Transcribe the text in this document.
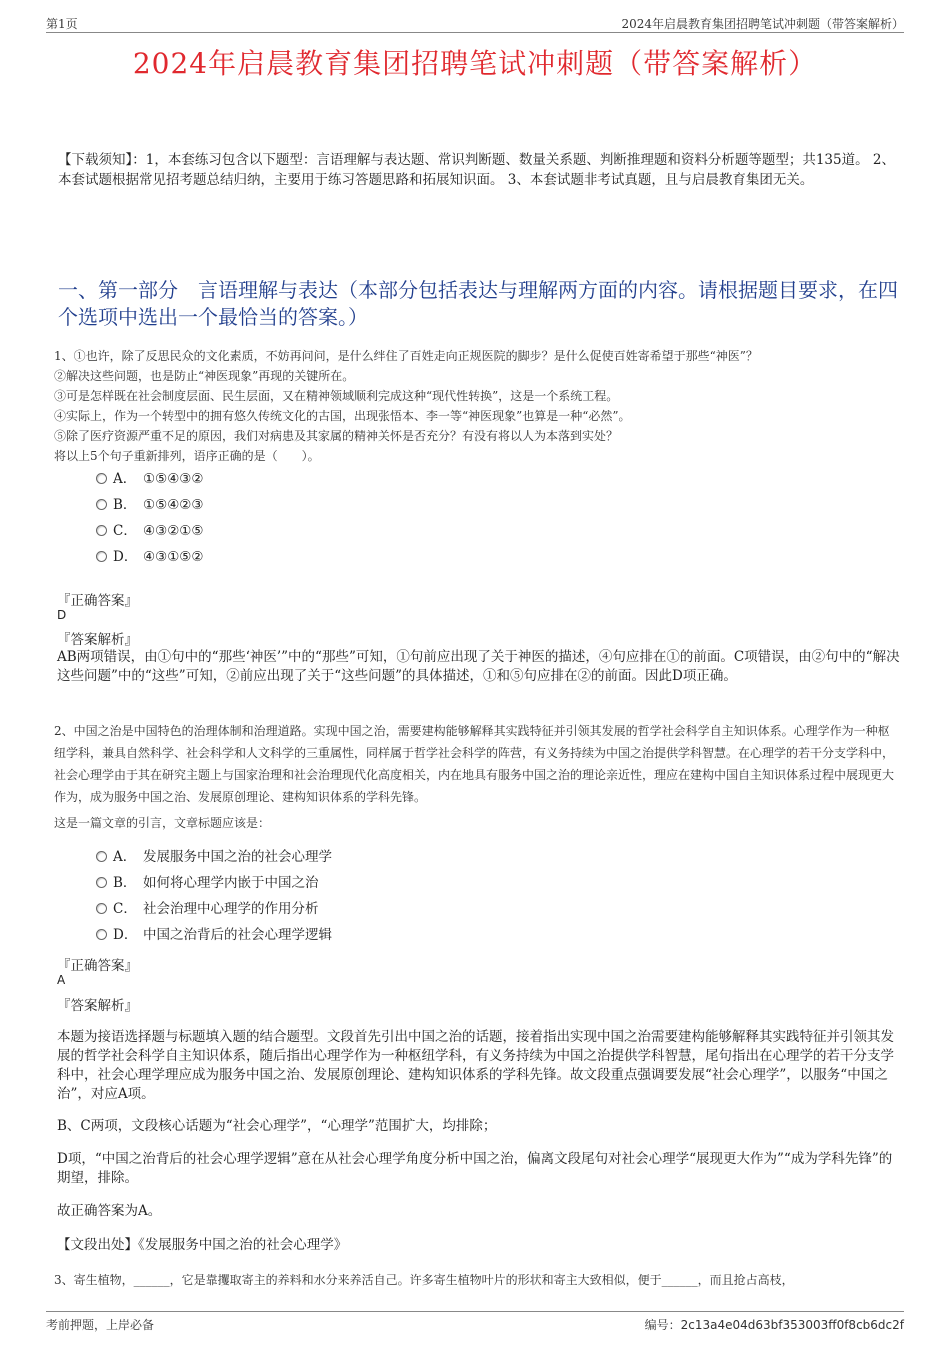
第1页	2024年启晨教育集团招聘笔试冲刺题（带答案解析）
2024年启晨教育集团招聘笔试冲刺题（带答案解析）
【下载须知】：1，本套练习包含以下题型：言语理解与表达题、常识判断题、数量关系题、判断推理题和资料分析题等题型；共135道。 2、本套试题根据常见招考题总结归纳，主要用于练习答题思路和拓展知识面。 3、本套试题非考试真题，且与启晨教育集团无关。
一、第一部分　言语理解与表达（本部分包括表达与理解两方面的内容。请根据题目要求，在四个选项中选出一个最恰当的答案。）
1、①也许，除了反思民众的文化素质，不妨再问问，是什么绊住了百姓走向正规医院的脚步？是什么促使百姓寄希望于那些“神医”？
②解决这些问题，也是防止“神医现象”再现的关键所在。
③可是怎样既在社会制度层面、民生层面，又在精神领域顺利完成这种“现代性转换”，这是一个系统工程。
④实际上，作为一个转型中的拥有悠久传统文化的古国，出现张悟本、李一等“神医现象”也算是一种“必然”。
⑤除了医疗资源严重不足的原因，我们对病患及其家属的精神关怀是否充分？有没有将以人为本落到实处？
将以上5个句子重新排列，语序正确的是（　　）。
A． ①⑤④③②
B． ①⑤④②③
C． ④③②①⑤
D． ④③①⑤②
『正确答案』
D
『答案解析』
AB两项错误，由①句中的“那些‘神医’”中的“那些”可知，①句前应出现了关于神医的描述，④句应排在①的前面。C项错误，由②句中的“解决这些问题”中的“这些”可知，②前应出现了关于“这些问题”的具体描述，①和⑤句应排在②的前面。因此D项正确。
2、中国之治是中国特色的治理体制和治理道路。实现中国之治，需要建构能够解释其实践特征并引领其发展的哲学社会科学自主知识体系。心理学作为一种枢纽学科，兼具自然科学、社会科学和人文科学的三重属性，同样属于哲学社会科学的阵营，有义务持续为中国之治提供学科智慧。在心理学的若干分支学科中，社会心理学由于其在研究主题上与国家治理和社会治理现代化高度相关，内在地具有服务中国之治的理论亲近性，理应在建构中国自主知识体系过程中展现更大作为，成为服务中国之治、发展原创理论、建构知识体系的学科先锋。
这是一篇文章的引言，文章标题应该是：
A． 发展服务中国之治的社会心理学
B． 如何将心理学内嵌于中国之治
C． 社会治理中心理学的作用分析
D． 中国之治背后的社会心理学逻辑
『正确答案』
A
『答案解析』
本题为接语选择题与标题填入题的结合题型。文段首先引出中国之治的话题，接着指出实现中国之治需要建构能够解释其实践特征并引领其发展的哲学社会科学自主知识体系，随后指出心理学作为一种枢纽学科，有义务持续为中国之治提供学科智慧，尾句指出在心理学的若干分支学科中，社会心理学理应成为服务中国之治、发展原创理论、建构知识体系的学科先锋。故文段重点强调要发展“社会心理学”，以服务“中国之治”，对应A项。
B、C两项，文段核心话题为“社会心理学”，“心理学”范围扩大，均排除；
D项，“中国之治背后的社会心理学逻辑”意在从社会心理学角度分析中国之治，偏离文段尾句对社会心理学“展现更大作为”“成为学科先锋”的期望，排除。
故正确答案为A。
【文段出处】《发展服务中国之治的社会心理学》
3、寄生植物，______，它是靠攫取寄主的养料和水分来养活自己。许多寄生植物叶片的形状和寄主大致相似，便于______，而且抢占高枝，
考前押题，上岸必备	编号：2c13a4e04d63bf353003ff0f8cb6dc2f
